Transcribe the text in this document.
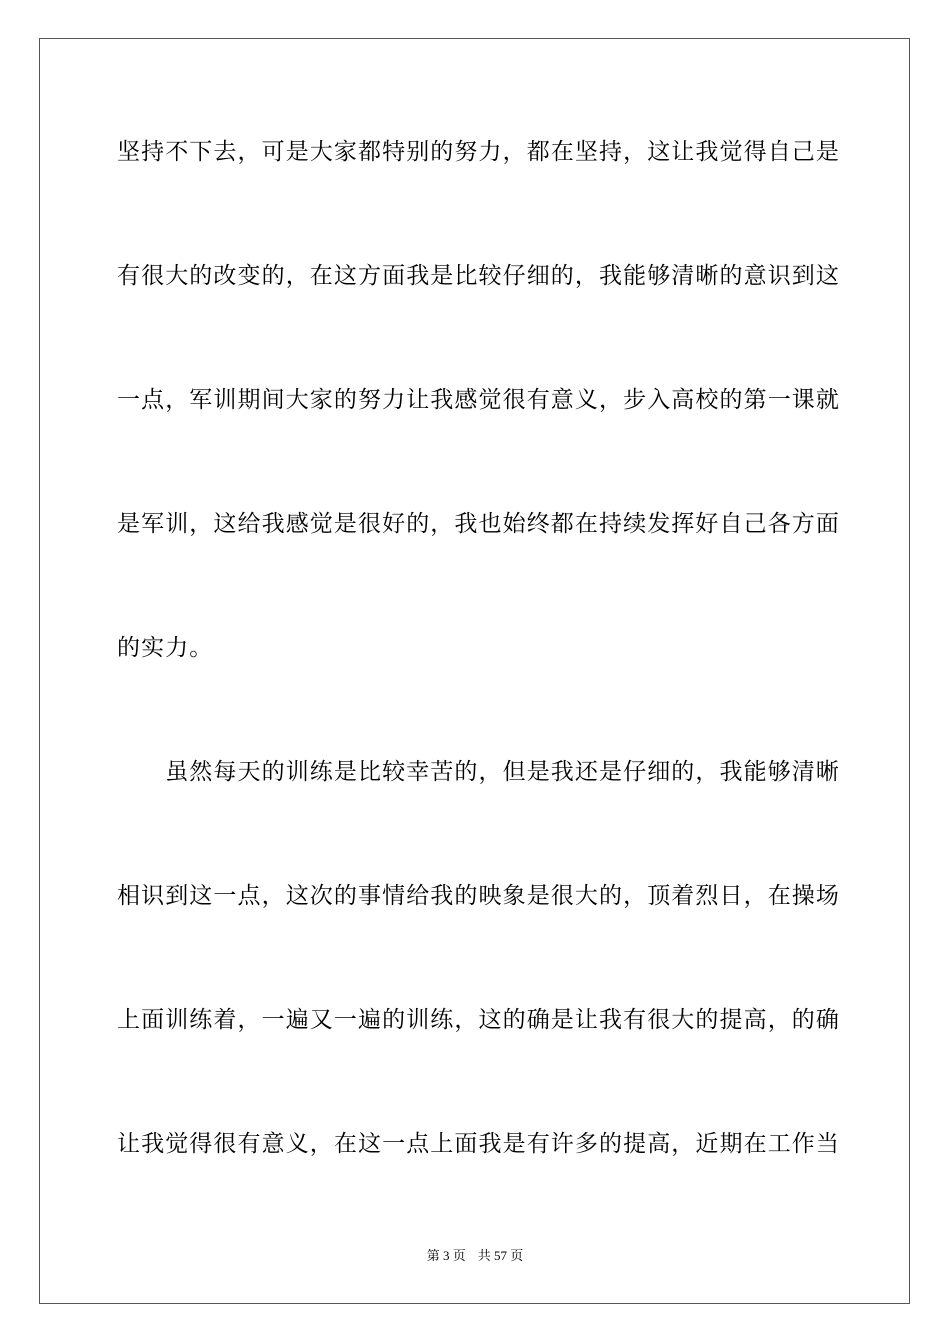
坚持不下去，可是大家都特别的努力，都在坚持，这让我觉得自己是
有很大的改变的，在这方面我是比较仔细的，我能够清晰的意识到这
一点，军训期间大家的努力让我感觉很有意义，步入高校的第一课就
是军训，这给我感觉是很好的，我也始终都在持续发挥好自己各方面
的实力。
　　虽然每天的训练是比较幸苦的，但是我还是仔细的，我能够清晰
相识到这一点，这次的事情给我的映象是很大的，顶着烈日，在操场
上面训练着，一遍又一遍的训练，这的确是让我有很大的提高，的确
让我觉得很有意义，在这一点上面我是有许多的提高，近期在工作当
第 3 页 共 57 页
